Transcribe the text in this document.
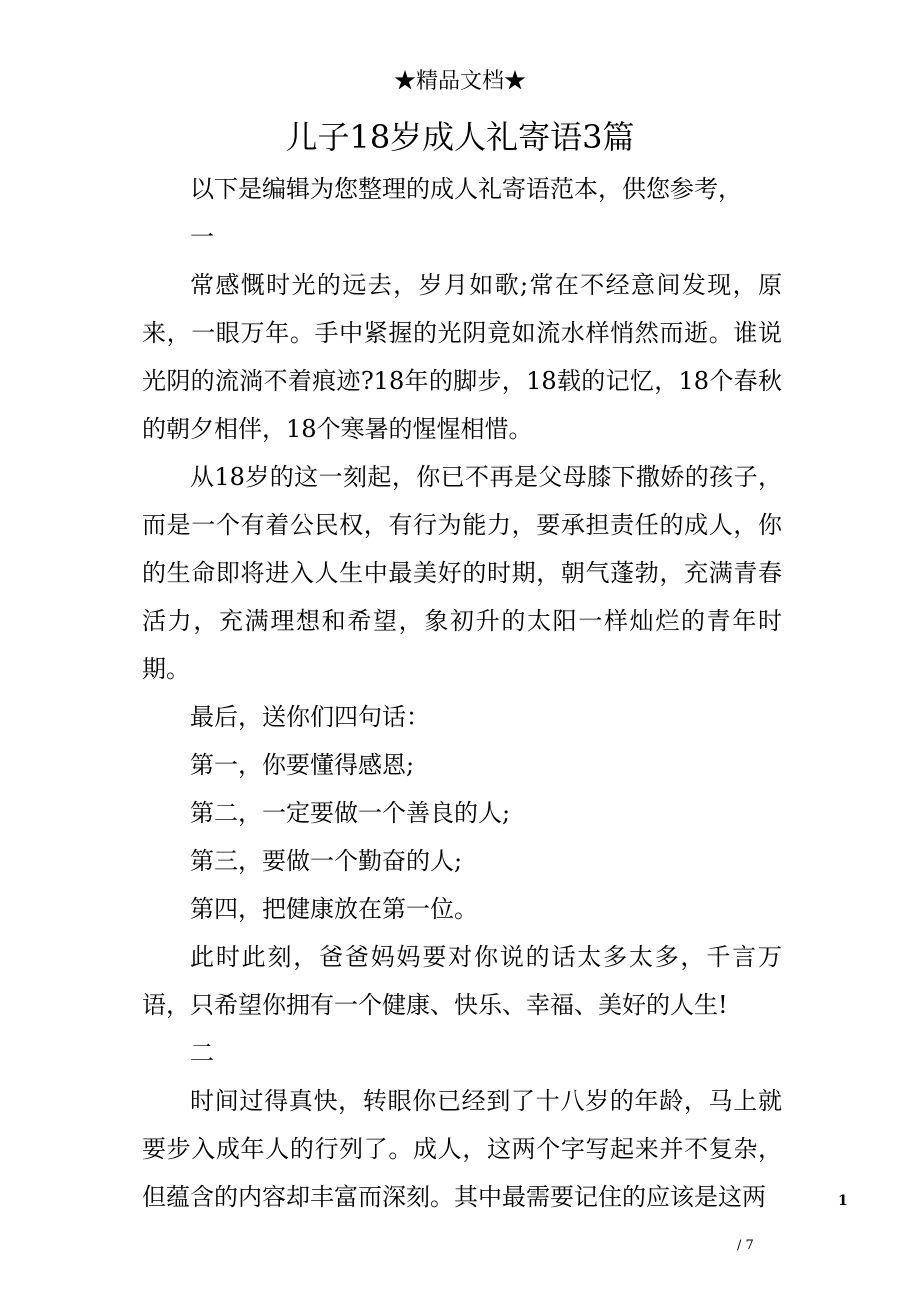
★精品文档★
儿子18岁成人礼寄语3篇

以下是编辑为您整理的成人礼寄语范本，供您参考，

一

常感慨时光的远去，岁月如歌;常在不经意间发现，原来，一眼万年。手中紧握的光阴竟如流水样悄然而逝。谁说光阴的流淌不着痕迹?18年的脚步，18载的记忆，18个春秋的朝夕相伴，18个寒暑的惺惺相惜。

从18岁的这一刻起，你已不再是父母膝下撒娇的孩子，而是一个有着公民权，有行为能力，要承担责任的成人，你的生命即将进入人生中最美好的时期，朝气蓬勃，充满青春活力，充满理想和希望，象初升的太阳一样灿烂的青年时期。

最后，送你们四句话：

第一，你要懂得感恩;

第二，一定要做一个善良的人;

第三，要做一个勤奋的人;

第四，把健康放在第一位。

此时此刻，爸爸妈妈要对你说的话太多太多，千言万语，只希望你拥有一个健康、快乐、幸福、美好的人生!

二

时间过得真快，转眼你已经到了十八岁的年龄，马上就要步入成年人的行列了。成人，这两个字写起来并不复杂，但蕴含的内容却丰富而深刻。其中最需要记住的应该是这两	1
/ 7
